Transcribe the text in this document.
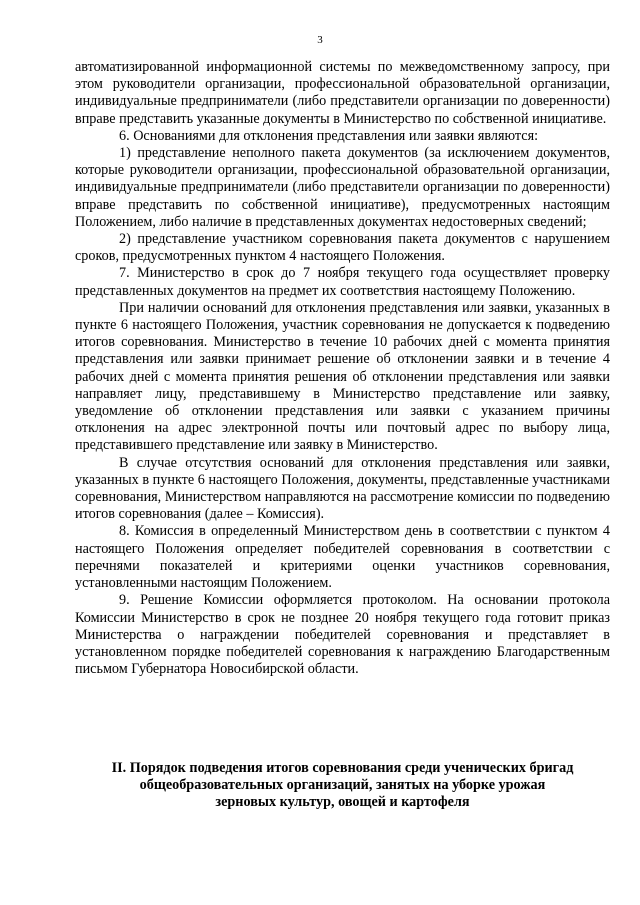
3

автоматизированной информационной системы по межведомственному запросу, при этом руководители организации, профессиональной образовательной организации, индивидуальные предприниматели (либо представители организации по доверенности) вправе представить указанные документы в Министерство по собственной инициативе.

6. Основаниями для отклонения представления или заявки являются:

1) представление неполного пакета документов (за исключением документов, которые руководители организации, профессиональной образовательной организации, индивидуальные предприниматели (либо представители организации по доверенности) вправе представить по собственной инициативе), предусмотренных настоящим Положением, либо наличие в представленных документах недостоверных сведений;

2) представление участником соревнования пакета документов с нарушением сроков, предусмотренных пунктом 4 настоящего Положения.

7. Министерство в срок до 7 ноября текущего года осуществляет проверку представленных документов на предмет их соответствия настоящему Положению.

При наличии оснований для отклонения представления или заявки, указанных в пункте 6 настоящего Положения, участник соревнования не допускается к подведению итогов соревнования. Министерство в течение 10 рабочих дней с момента принятия представления или заявки принимает решение об отклонении заявки и в течение 4 рабочих дней с момента принятия решения об отклонении представления или заявки направляет лицу, представившему в Министерство представление или заявку, уведомление об отклонении представления или заявки с указанием причины отклонения на адрес электронной почты или почтовый адрес по выбору лица, представившего представление или заявку в Министерство.

В случае отсутствия оснований для отклонения представления или заявки, указанных в пункте 6 настоящего Положения, документы, представленные участниками соревнования, Министерством направляются на рассмотрение комиссии по подведению итогов соревнования (далее – Комиссия).

8. Комиссия в определенный Министерством день в соответствии с пунктом 4 настоящего Положения определяет победителей соревнования в соответствии с перечнями показателей и критериями оценки участников соревнования, установленными настоящим Положением.

9. Решение Комиссии оформляется протоколом. На основании протокола Комиссии Министерство в срок не позднее 20 ноября текущего года готовит приказ Министерства о награждении победителей соревнования и представляет в установленном порядке победителей соревнования к награждению Благодарственным письмом Губернатора Новосибирской области.

II. Порядок подведения итогов соревнования среди ученических бригад
общеобразовательных организаций, занятых на уборке урожая
зерновых культур, овощей и картофеля
